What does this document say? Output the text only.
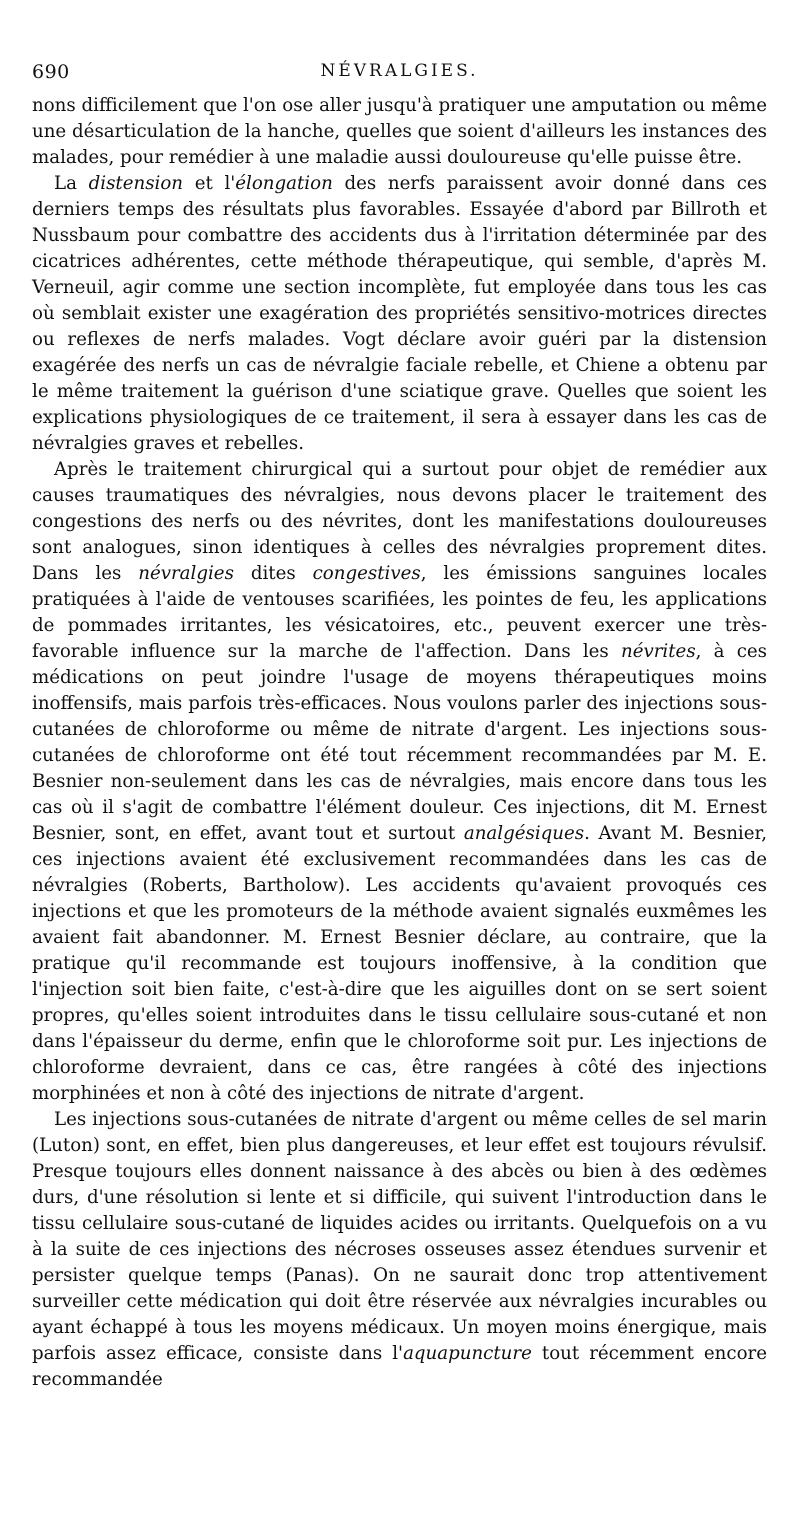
690	NÉVRALGIES.

nons difficilement que l'on ose aller jusqu'à pratiquer une amputation ou même une désarticulation de la hanche, quelles que soient d'ailleurs les instances des malades, pour remédier à une maladie aussi douloureuse qu'elle puisse être.

La distension et l'élongation des nerfs paraissent avoir donné dans ces derniers temps des résultats plus favorables. Essayée d'abord par Billroth et Nussbaum pour combattre des accidents dus à l'irritation déterminée par des cicatrices adhérentes, cette méthode thérapeutique, qui semble, d'après M. Verneuil, agir comme une section incomplète, fut employée dans tous les cas où semblait exister une exagération des propriétés sensitivo-motrices directes ou reflexes de nerfs malades. Vogt déclare avoir guéri par la distension exagérée des nerfs un cas de névralgie faciale rebelle, et Chiene a obtenu par le même traitement la guérison d'une sciatique grave. Quelles que soient les explications physiologiques de ce traitement, il sera à essayer dans les cas de névralgies graves et rebelles.

Après le traitement chirurgical qui a surtout pour objet de remédier aux causes traumatiques des névralgies, nous devons placer le traitement des congestions des nerfs ou des névrites, dont les manifestations douloureuses sont analogues, sinon identiques à celles des névralgies proprement dites. Dans les névralgies dites congestives, les émissions sanguines locales pratiquées à l'aide de ventouses scarifiées, les pointes de feu, les applications de pommades irritantes, les vésicatoires, etc., peuvent exercer une très-favorable influence sur la marche de l'affection. Dans les névrites, à ces médications on peut joindre l'usage de moyens thérapeutiques moins inoffensifs, mais parfois très-efficaces. Nous voulons parler des injections sous-cutanées de chloroforme ou même de nitrate d'argent. Les injections sous-cutanées de chloroforme ont été tout récemment recommandées par M. E. Besnier non-seulement dans les cas de névralgies, mais encore dans tous les cas où il s'agit de combattre l'élément douleur. Ces injections, dit M. Ernest Besnier, sont, en effet, avant tout et surtout analgésiques. Avant M. Besnier, ces injections avaient été exclusivement recommandées dans les cas de névralgies (Roberts, Bartholow). Les accidents qu'avaient provoqués ces injections et que les promoteurs de la méthode avaient signalés euxmêmes les avaient fait abandonner. M. Ernest Besnier déclare, au contraire, que la pratique qu'il recommande est toujours inoffensive, à la condition que l'injection soit bien faite, c'est-à-dire que les aiguilles dont on se sert soient propres, qu'elles soient introduites dans le tissu cellulaire sous-cutané et non dans l'épaisseur du derme, enfin que le chloroforme soit pur. Les injections de chloroforme devraient, dans ce cas, être rangées à côté des injections morphinées et non à côté des injections de nitrate d'argent.

Les injections sous-cutanées de nitrate d'argent ou même celles de sel marin (Luton) sont, en effet, bien plus dangereuses, et leur effet est toujours révulsif. Presque toujours elles donnent naissance à des abcès ou bien à des œdèmes durs, d'une résolution si lente et si difficile, qui suivent l'introduction dans le tissu cellulaire sous-cutané de liquides acides ou irritants. Quelquefois on a vu à la suite de ces injections des nécroses osseuses assez étendues survenir et persister quelque temps (Panas). On ne saurait donc trop attentivement surveiller cette médication qui doit être réservée aux névralgies incurables ou ayant échappé à tous les moyens médicaux. Un moyen moins énergique, mais parfois assez efficace, consiste dans l'aquapuncture tout récemment encore recommandée
